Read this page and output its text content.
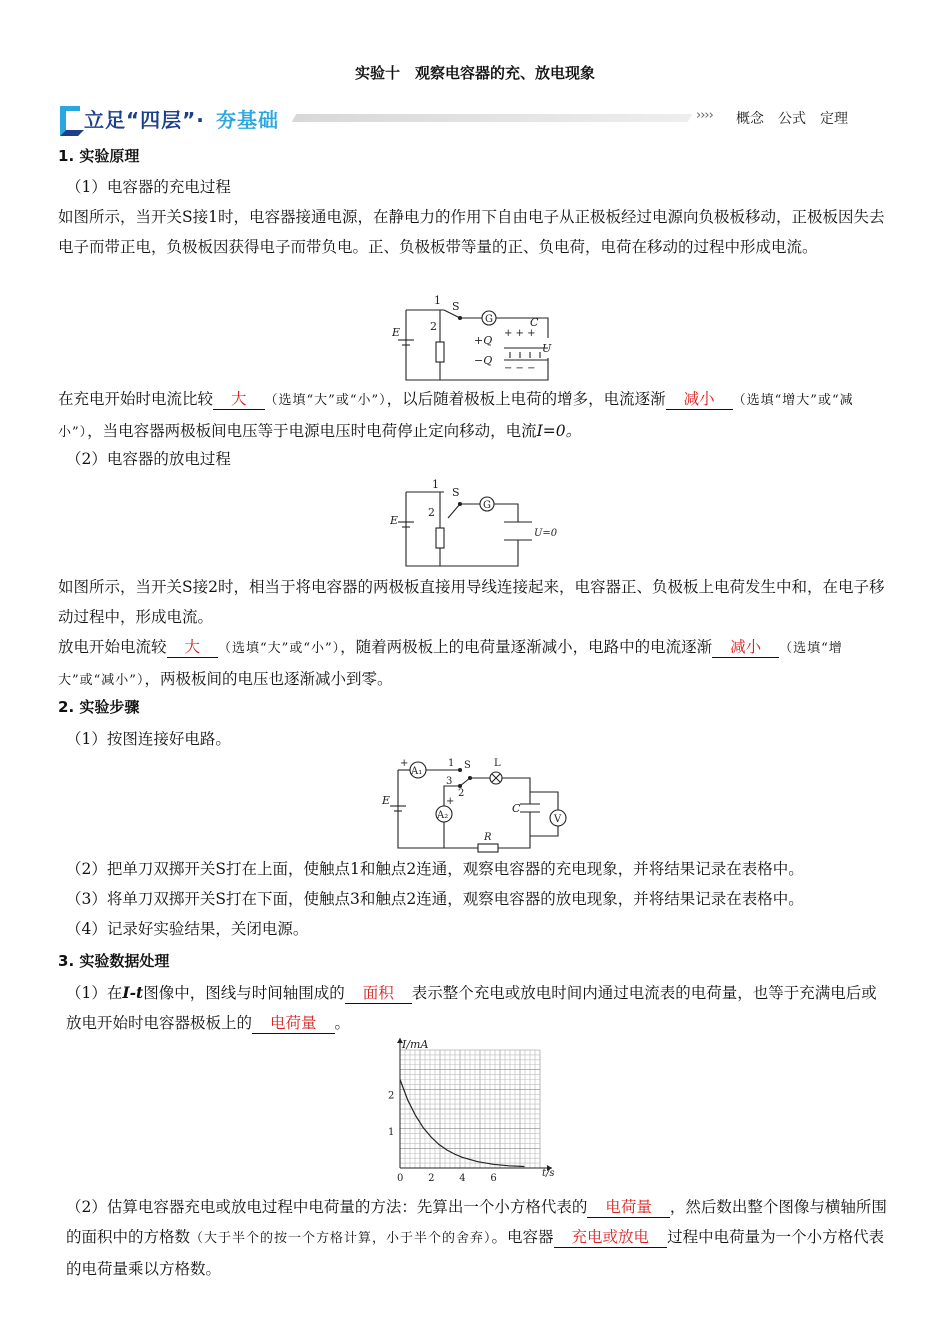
实验十　观察电容器的充、放电现象
立足“四层”· 夯基础	›››› 概念　公式　定理
1. 实验原理
（1）电容器的充电过程
如图所示，当开关S接1时，电容器接通电源，在静电力的作用下自由电子从正极板经过电源向负极板移动，正极板因失去电子而带正电，负极板因获得电子而带负电。正、负极板带等量的正、负电荷，电荷在移动的过程中形成电流。
1 S
2
G	C
E	+ + +
+Q
−Q
− − −
U
在充电开始时电流比较 大 （选填“大”或“小”），以后随着极板上电荷的增多，电流逐渐 减小 （选填“增大”或“减小”），当电容器两极板间电压等于电源电压时电荷停止定向移动，电流I=0。
（2）电容器的放电过程
1
S
2
G
E
U=0
如图所示，当开关S接2时，相当于将电容器的两极板直接用导线连接起来，电容器正、负极板上电荷发生中和，在电子移动过程中，形成电流。
放电开始电流较 大 （选填“大”或“小”），随着两极板上的电荷量逐渐减小，电路中的电流逐渐 减小 （选填“增大”或“减小”），两极板间的电压也逐渐减小到零。
2. 实验步骤
（1）按图连接好电路。
+
A₁
1 S L
3
2
E	+
A₂
C
V
R
（2）把单刀双掷开关S打在上面，使触点1和触点2连通，观察电容器的充电现象，并将结果记录在表格中。
（3）将单刀双掷开关S打在下面，使触点3和触点2连通，观察电容器的放电现象，并将结果记录在表格中。
（4）记录好实验结果，关闭电源。
3. 实验数据处理
（1）在I-t图像中，图线与时间轴围成的 面积 表示整个充电或放电时间内通过电流表的电荷量，也等于充满电后或放电开始时电容器极板上的 电荷量 。
I/mA
t/s
0 2 4 6
1
2
（2）估算电容器充电或放电过程中电荷量的方法：先算出一个小方格代表的 电荷量 ，然后数出整个图像与横轴所围的面积中的方格数（大于半个的按一个方格计算，小于半个的舍弃）。电容器 充电或放电 过程中电荷量为一个小方格代表的电荷量乘以方格数。
